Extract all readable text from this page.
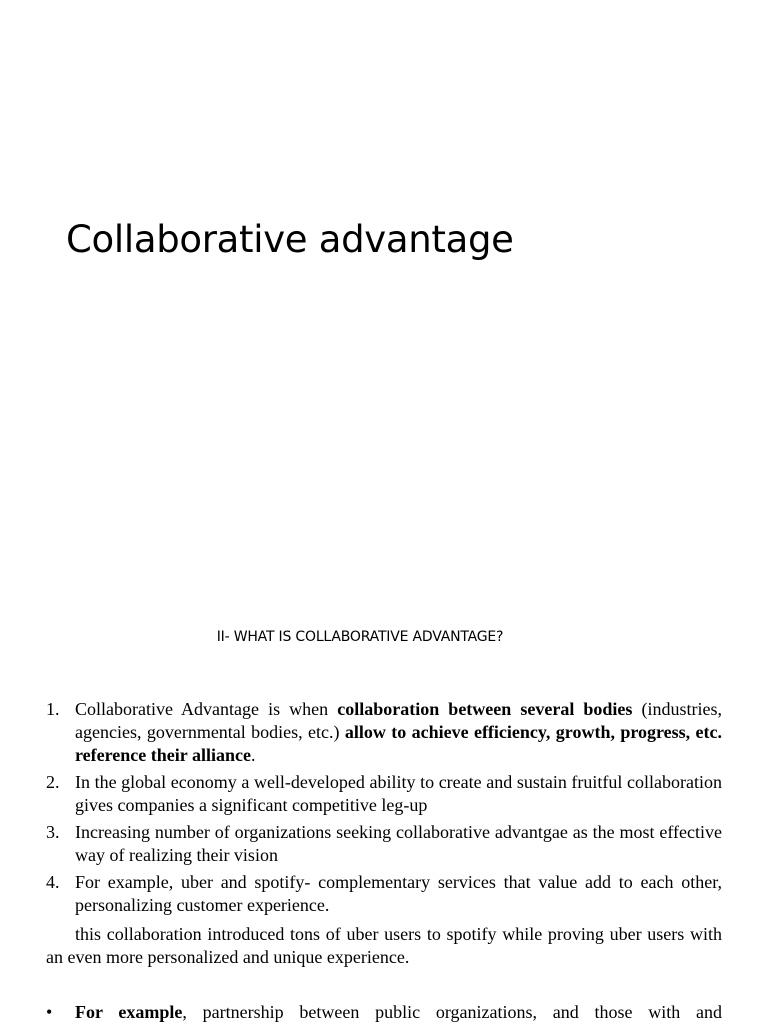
Collaborative advantage
II- WHAT IS COLLABORATIVE ADVANTAGE?
1. Collaborative Advantage is when collaboration between several bodies (industries, agencies, governmental bodies, etc.) allow to achieve efficiency, growth, progress, etc. reference their alliance.
2. In the global economy a well-developed ability to create and sustain fruitful collaboration gives companies a significant competitive leg-up
3. Increasing number of organizations seeking collaborative advantgae as the most effective way of realizing their vision
4. For example, uber and spotify- complementary services that value add to each other, personalizing customer experience.

this collaboration introduced tons of uber users to spotify while proving uber users with an even more personalized and unique experience.

• For example, partnership between public organizations, and those with and
